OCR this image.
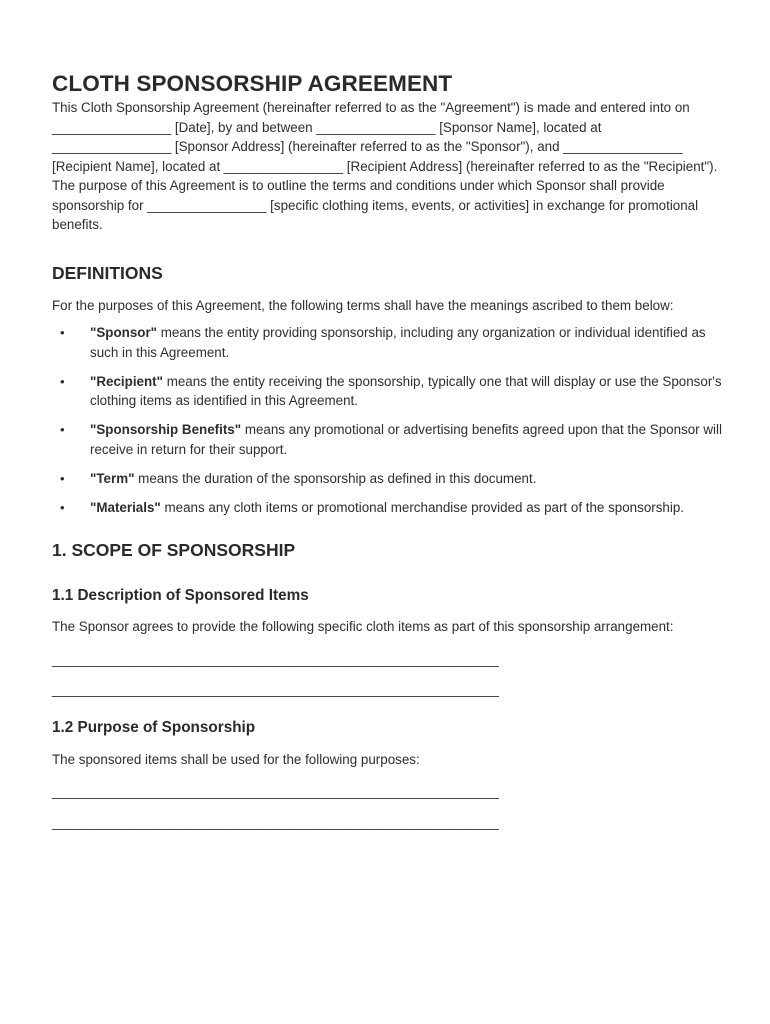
CLOTH SPONSORSHIP AGREEMENT

This Cloth Sponsorship Agreement (hereinafter referred to as the "Agreement") is made and entered into on ________________ [Date], by and between ________________ [Sponsor Name], located at ________________ [Sponsor Address] (hereinafter referred to as the "Sponsor"), and ________________ [Recipient Name], located at ________________ [Recipient Address] (hereinafter referred to as the "Recipient"). The purpose of this Agreement is to outline the terms and conditions under which Sponsor shall provide sponsorship for ________________ [specific clothing items, events, or activities] in exchange for promotional benefits.

DEFINITIONS

For the purposes of this Agreement, the following terms shall have the meanings ascribed to them below:

• "Sponsor" means the entity providing sponsorship, including any organization or individual identified as such in this Agreement.

• "Recipient" means the entity receiving the sponsorship, typically one that will display or use the Sponsor's clothing items as identified in this Agreement.

• "Sponsorship Benefits" means any promotional or advertising benefits agreed upon that the Sponsor will receive in return for their support.

• "Term" means the duration of the sponsorship as defined in this document.

• "Materials" means any cloth items or promotional merchandise provided as part of the sponsorship.

1. SCOPE OF SPONSORSHIP
1.1 Description of Sponsored Items

The Sponsor agrees to provide the following specific cloth items as part of this sponsorship arrangement:

____________________________________________________________

____________________________________________________________

1.2 Purpose of Sponsorship

The sponsored items shall be used for the following purposes:

____________________________________________________________

____________________________________________________________
